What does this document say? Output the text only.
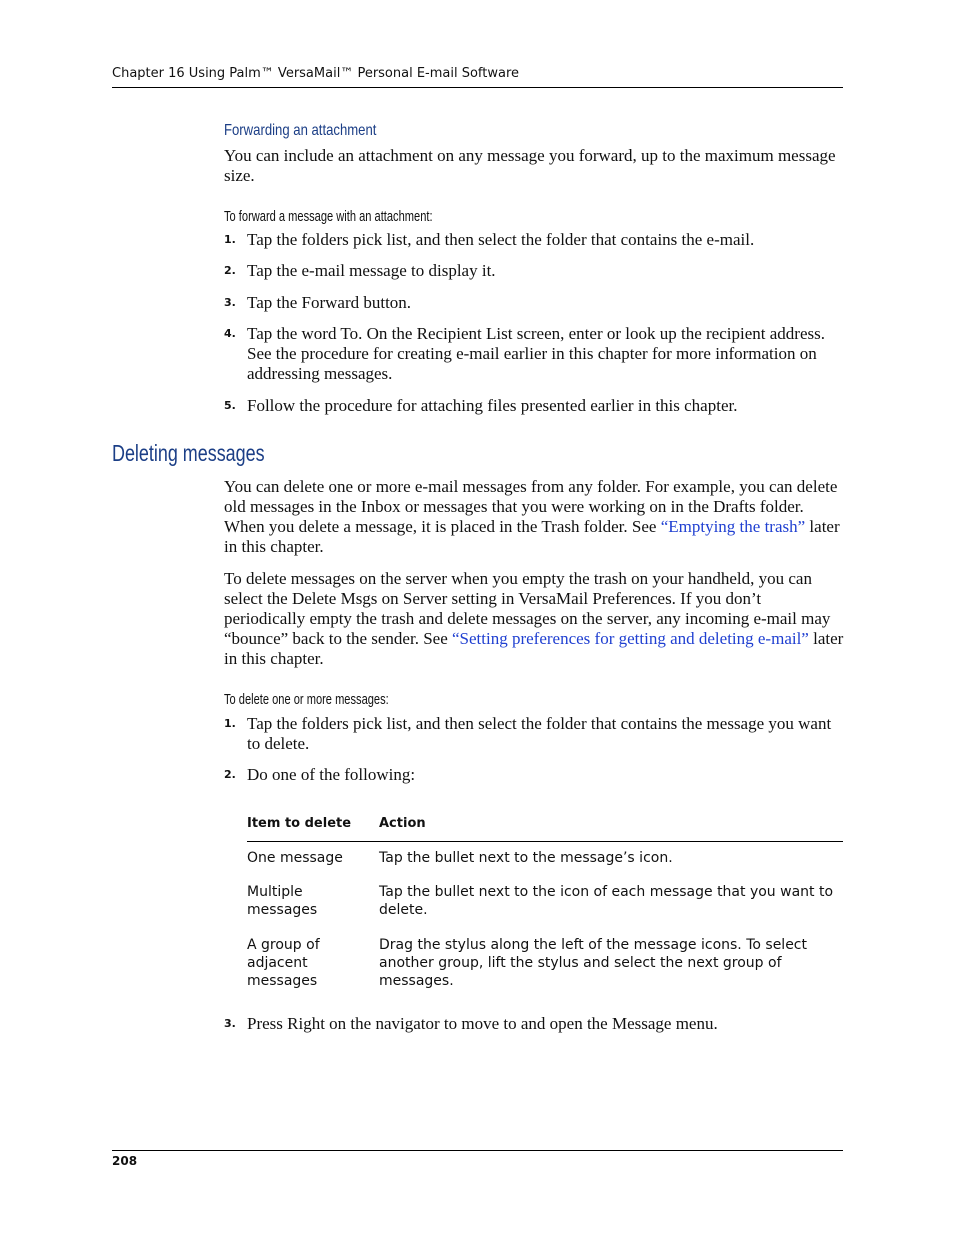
Chapter 16 Using Palm™ VersaMail™ Personal E-mail Software
Forwarding an attachment

You can include an attachment on any message you forward, up to the maximum message size.

To forward a message with an attachment:
1. Tap the folders pick list, and then select the folder that contains the e-mail.

2. Tap the e-mail message to display it.

3. Tap the Forward button.

4. Tap the word To. On the Recipient List screen, enter or look up the recipient address. See the procedure for creating e-mail earlier in this chapter for more information on addressing messages.

5. Follow the procedure for attaching files presented earlier in this chapter.

Deleting messages

You can delete one or more e-mail messages from any folder. For example, you can delete old messages in the Inbox or messages that you were working on in the Drafts folder. When you delete a message, it is placed in the Trash folder. See “Emptying the trash” later in this chapter.

To delete messages on the server when you empty the trash on your handheld, you can select the Delete Msgs on Server setting in VersaMail Preferences. If you don’t periodically empty the trash and delete messages on the server, any incoming e-mail may “bounce” back to the sender. See “Setting preferences for getting and deleting e-mail” later in this chapter.

To delete one or more messages:
1. Tap the folders pick list, and then select the folder that contains the message you want to delete.

2. Do one of the following:

Item to delete	Action
One message	Tap the bullet next to the message’s icon.
Multiple messages
Tap the bullet next to the icon of each message that you want to delete.
A group of adjacent messages
Drag the stylus along the left of the message icons. To select another group, lift the stylus and select the next group of messages.
3. Press Right on the navigator to move to and open the Message menu.

208
